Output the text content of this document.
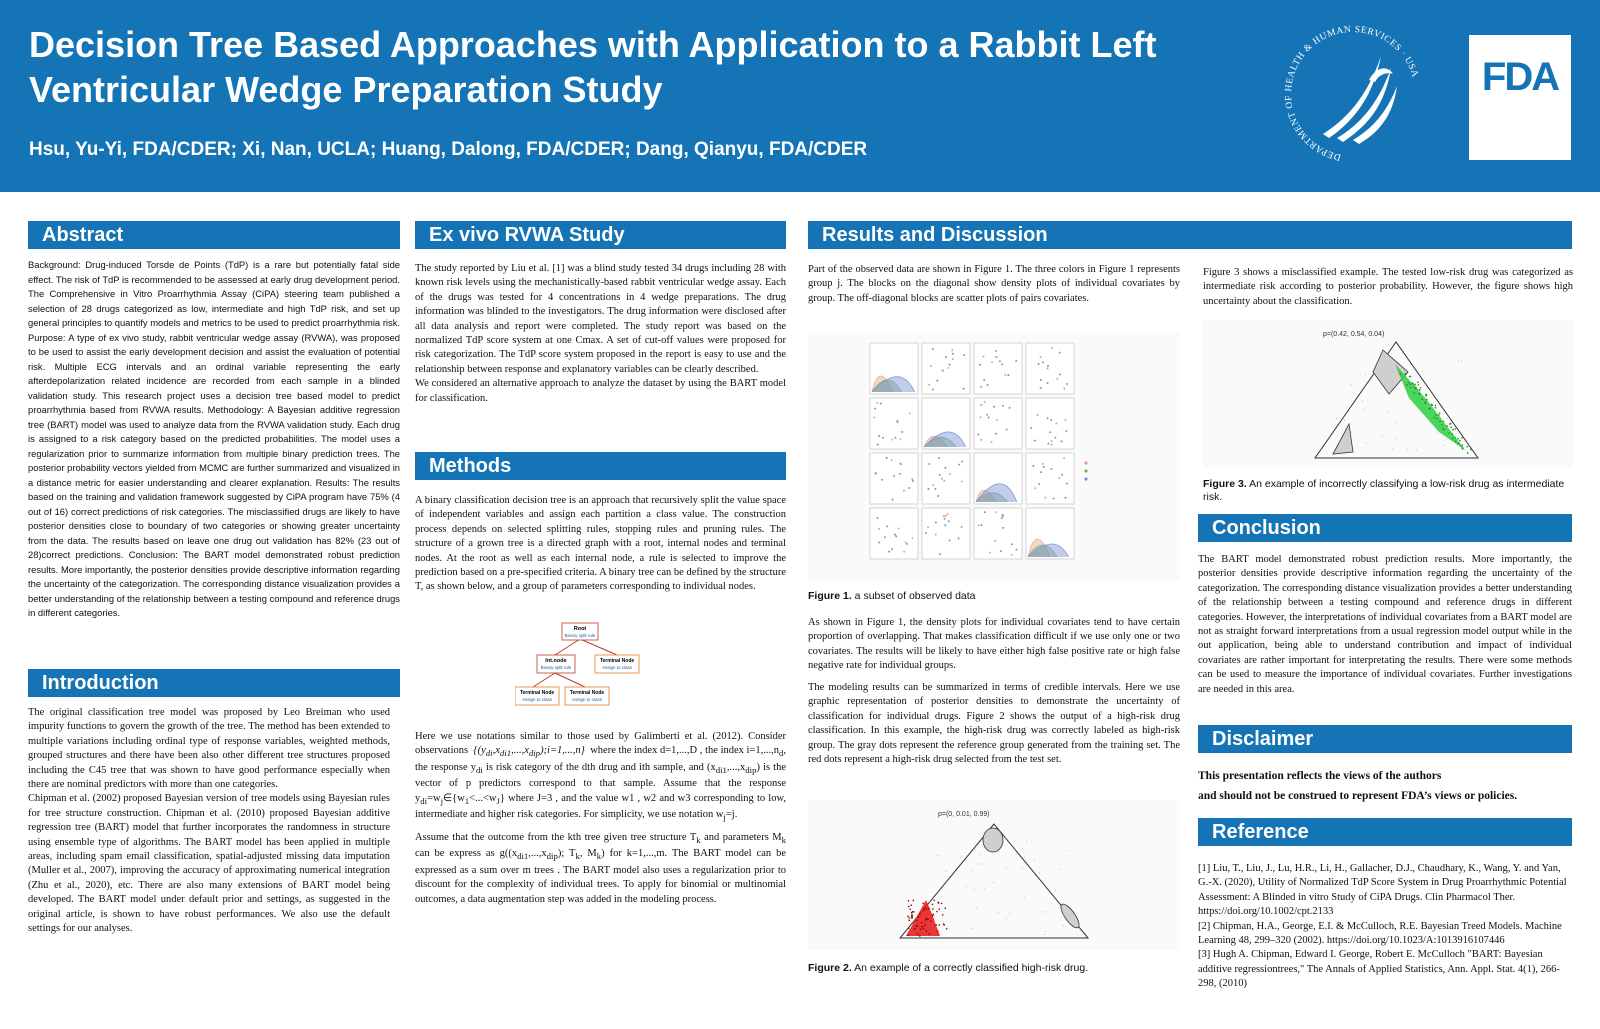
Decision Tree Based Approaches with Application to a Rabbit Left Ventricular Wedge Preparation Study
Hsu, Yu-Yi, FDA/CDER; Xi, Nan, UCLA; Huang, Dalong, FDA/CDER; Dang, Qianyu, FDA/CDER	DEPARTMENT OF HEALTH & HUMAN SERVICES · USA	FDA
Abstract
Background: Drug-induced Torsde de Points (TdP) is a rare but potentially fatal side effect. The risk of TdP is recommended to be assessed at early drug development period. The Comprehensive in Vitro Proarrhythmia Assay (CiPA) steering team published a selection of 28 drugs categorized as low, intermediate and high TdP risk, and set up general principles to quantify models and metrics to be used to predict proarrhythmia risk. Purpose: A type of ex vivo study, rabbit ventricular wedge assay (RVWA), was proposed to be used to assist the early development decision and assist the evaluation of potential risk. Multiple ECG intervals and an ordinal variable representing the early afterdepolarization related incidence are recorded from each sample in a blinded validation study. This research project uses a decision tree based model to predict proarrhythmia based from RVWA results. Methodology: A Bayesian additive regression tree (BART) model was used to analyze data from the RVWA validation study. Each drug is assigned to a risk category based on the predicted probabilities. The model uses a regularization prior to summarize information from multiple binary prediction trees. The posterior probability vectors yielded from MCMC are further summarized and visualized in a distance metric for easier understanding and clearer explanation. Results: The results based on the training and validation framework suggested by CiPA program have 75% (4 out of 16) correct predictions of risk categories. The misclassified drugs are likely to have posterior densities close to boundary of two categories or showing greater uncertainty from the data. The results based on leave one drug out validation has 82% (23 out of 28)correct predictions. Conclusion: The BART model demonstrated robust prediction results. More importantly, the posterior densities provide descriptive information regarding the uncertainty of the categorization. The corresponding distance visualization provides a better understanding of the relationship between a testing compound and reference drugs in different categories.
Introduction

The original classification tree model was proposed by Leo Breiman who used impurity functions to govern the growth of the tree. The method has been extended to multiple variations including ordinal type of response variables, weighted methods, grouped structures and there have been also other different tree structures proposed including the C45 tree that was shown to have good performance especially when there are nominal predictors with more than one categories.

Chipman et al. (2002) proposed Bayesian version of tree models using Bayesian rules for tree structure construction. Chipman et al. (2010) proposed Bayesian additive regression tree (BART) model that further incorporates the randomness in structure using ensemble type of algorithms. The BART model has been applied in multiple areas, including spam email classification, spatial-adjusted missing data imputation (Muller et al., 2007), improving the accuracy of approximating numerical integration (Zhu et al., 2020), etc. There are also many extensions of BART model being developed. The BART model under default prior and settings, as suggested in the original article, is shown to have robust performances. We also use the default settings for our analyses.

Ex vivo RVWA Study

The study reported by Liu et al. [1] was a blind study tested 34 drugs including 28 with known risk levels using the mechanistically-based rabbit ventricular wedge assay. Each of the drugs was tested for 4 concentrations in 4 wedge preparations. The drug information was blinded to the investigators. The drug information were disclosed after all data analysis and report were completed. The study report was based on the normalized TdP score system at one Cmax. A set of cut-off values were proposed for risk categorization. The TdP score system proposed in the report is easy to use and the relationship between response and explanatory variables can be clearly described.

We considered an alternative approach to analyze the dataset by using the BART model for classification.

Methods
A binary classification decision tree is an approach that recursively split the value space of independent variables and assign each partition a class value. The construction process depends on selected splitting rules, stopping rules and pruning rules. The structure of a grown tree is a directed graph with a root, internal nodes and terminal nodes. At the root as well as each internal node, a rule is selected to improve the prediction based on a pre-specified criteria. A binary tree can be defined by the structure T, as shown below, and a group of parameters corresponding to individual nodes.
Root
Binary split rule
Int.node
Binary split rule
Terminal Node
Assign to class
Terminal Node
Assign to class
Terminal Node
Assign to class

Here we use notations similar to those used by Galimberti et al. (2012). Consider observations  $\{(y_{di},x_{di1},...,x_{dip});i=1,...,n\}$  where the index d=1,...,D , the index $i=1,...,n_d$, the response $y_{di}$ is risk category of the dth drug and ith sample, and $(x_{di1},...,x_{dip})$ is the vector of p predictors correspond to that sample. Assume that the response $y_{di}=w_j\in\{w_1<...<w_J\}$ where J=3 , and the value w1 , w2 and w3 corresponding to low, intermediate and higher risk categories. For simplicity, we use notation $w_j=j$.

Assume that the outcome from the kth tree given tree structure $T_k$ and parameters $M_k$ can be express as $g((x_{di1},...,x_{dip})$; $T_k$, $M_k$) for k=1,...,m. The BART model can be expressed as a sum over m trees . The BART model also uses a regularization prior to discount for the complexity of individual trees. To apply for binomial or multinomial outcomes, a data augmentation step was added in the modeling process.

Results and Discussion
Part of the observed data are shown in Figure 1. The three colors in Figure 1 represents group j. The blocks on the diagonal show density plots of individual covariates by group. The off-diagonal blocks are scatter plots of pairs covariates.
Figure 1. a subset of observed data
As shown in Figure 1, the density plots for individual covariates tend to have certain proportion of overlapping. That makes classification difficult if we use only one or two covariates. The results will be likely to have either high false positive rate or high false negative rate for individual groups.
The modeling results can be summarized in terms of credible intervals. Here we use graphic representation of posterior densities to demonstrate the uncertainty of classification for individual drugs. Figure 2 shows the output of a high-risk drug classification. In this example, the high-risk drug was correctly labeled as high-risk group. The gray dots represent the reference group generated from the training set. The red dots represent a high-risk drug selected from the test set.
p=(0, 0.01, 0.99)
Figure 2. An example of a correctly classified high-risk drug.
Figure 3 shows a misclassified example. The tested low-risk drug was categorized as intermediate risk according to posterior probability. However, the figure shows high uncertainty about the classification.
p=(0.42, 0.54, 0.04)
Figure 3. An example of incorrectly classifying a low-risk drug as intermediate risk.
Conclusion
The BART model demonstrated robust prediction results. More importantly, the posterior densities provide descriptive information regarding the uncertainty of the categorization. The corresponding distance visualization provides a better understanding of the relationship between a testing compound and reference drugs in different categories. However, the interpretations of individual covariates from a BART model are not as straight forward interpretations from a usual regression model output while in the out application, being able to understand contribution and impact of individual covariates are rather important for interpretating the results. There were some methods can be used to measure the importance of individual covariates. Further investigations are needed in this area.
Disclaimer
This presentation reflects the views of the authors
and should not be construed to represent FDA’s views or policies.
Reference

[1] Liu, T., Liu, J., Lu, H.R., Li, H., Gallacher, D.J., Chaudhary, K., Wang, Y. and Yan, G.-X. (2020), Utility of Normalized TdP Score System in Drug Proarrhythmic Potential Assessment: A Blinded in vitro Study of CiPA Drugs. Clin Pharmacol Ther. https://doi.org/10.1002/cpt.2133

[2] Chipman, H.A., George, E.I. & McCulloch, R.E. Bayesian Treed Models. Machine Learning 48, 299–320 (2002). https://doi.org/10.1023/A:1013916107446

[3] Hugh A. Chipman, Edward I. George, Robert E. McCulloch "BART: Bayesian additive regressiontrees," The Annals of Applied Statistics, Ann. Appl. Stat. 4(1), 266-298, (2010)
